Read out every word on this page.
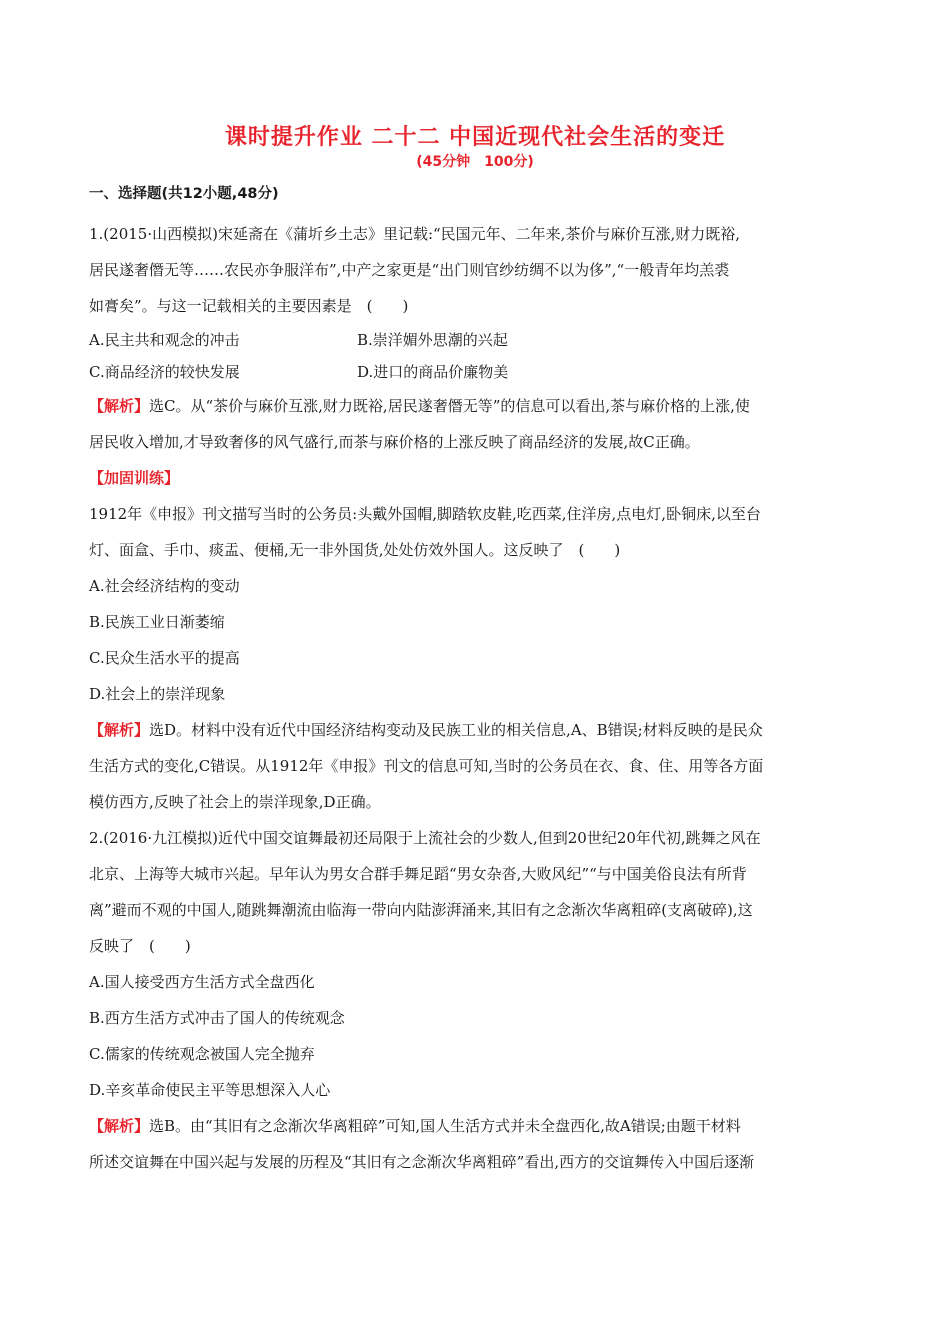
课时提升作业 二十二 中国近现代社会生活的变迁
(45分钟　100分)
一、选择题(共12小题,48分)

1.(2015·山西模拟)宋延斋在《蒲圻乡土志》里记载:“民国元年、二年来,茶价与麻价互涨,财力既裕,

居民遂奢僭无等……农民亦争服洋布”,中产之家更是“出门则官纱纺绸不以为侈”,“一般青年均羔裘

如膏矣”。与这一记载相关的主要因素是　(　　)

A.民主共和观念的冲击	B.崇洋媚外思潮的兴起
C.商品经济的较快发展	D.进口的商品价廉物美

【解析】选C。从“茶价与麻价互涨,财力既裕,居民遂奢僭无等”的信息可以看出,茶与麻价格的上涨,使

居民收入增加,才导致奢侈的风气盛行,而茶与麻价格的上涨反映了商品经济的发展,故C正确。

【加固训练】

1912年《申报》刊文描写当时的公务员:头戴外国帽,脚踏软皮鞋,吃西菜,住洋房,点电灯,卧铜床,以至台

灯、面盒、手巾、痰盂、便桶,无一非外国货,处处仿效外国人。这反映了　(　　)

A.社会经济结构的变动

B.民族工业日渐萎缩

C.民众生活水平的提高

D.社会上的崇洋现象

【解析】选D。材料中没有近代中国经济结构变动及民族工业的相关信息,A、B错误;材料反映的是民众

生活方式的变化,C错误。从1912年《申报》刊文的信息可知,当时的公务员在衣、食、住、用等各方面

模仿西方,反映了社会上的崇洋现象,D正确。

2.(2016·九江模拟)近代中国交谊舞最初还局限于上流社会的少数人,但到20世纪20年代初,跳舞之风在

北京、上海等大城市兴起。早年认为男女合群手舞足蹈“男女杂沓,大败风纪”“与中国美俗良法有所背

离”避而不观的中国人,随跳舞潮流由临海一带向内陆澎湃涌来,其旧有之念渐次华离粗碎(支离破碎),这

反映了　(　　)

A.国人接受西方生活方式全盘西化

B.西方生活方式冲击了国人的传统观念

C.儒家的传统观念被国人完全抛弃

D.辛亥革命使民主平等思想深入人心

【解析】选B。由“其旧有之念渐次华离粗碎”可知,国人生活方式并未全盘西化,故A错误;由题干材料

所述交谊舞在中国兴起与发展的历程及“其旧有之念渐次华离粗碎”看出,西方的交谊舞传入中国后逐渐
